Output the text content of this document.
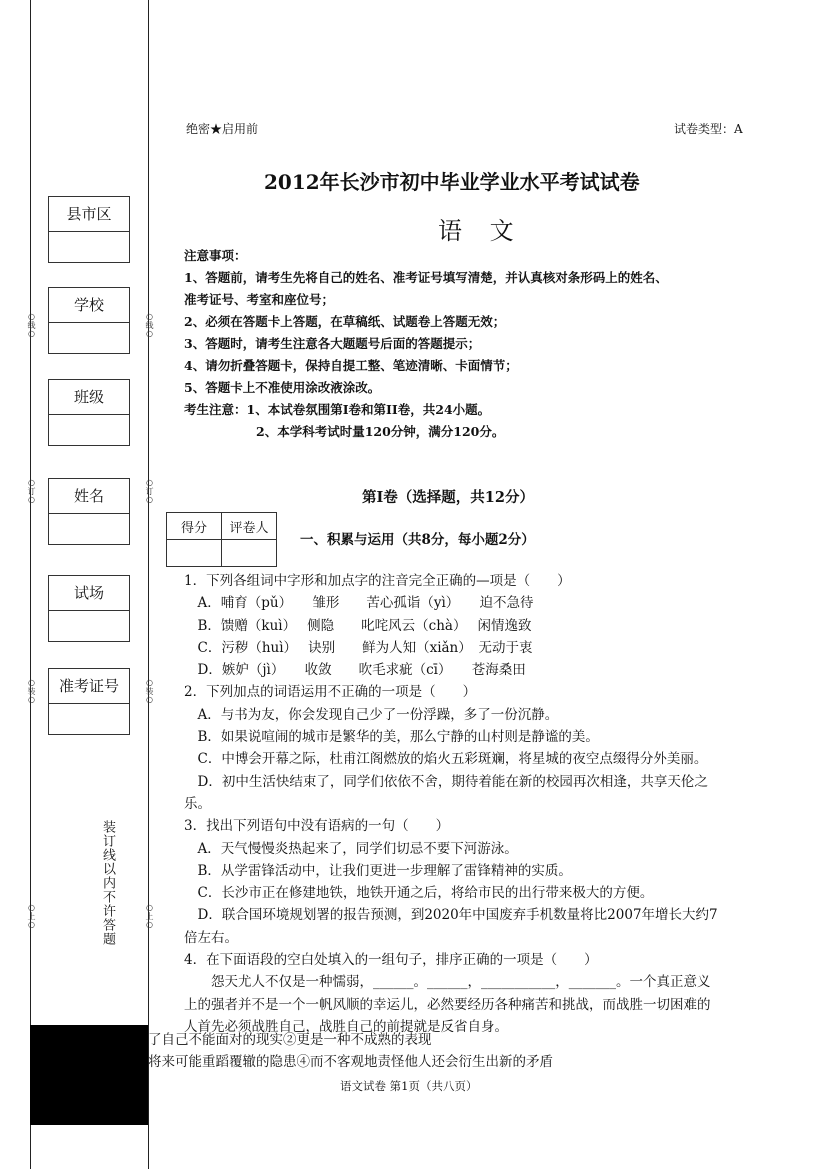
县市区
学校
班级
姓名
试场
准考证号
○线○	○线○
○订○	○订○
○装○	○装○
○上○	○上○
装订线以内不许答题
绝密★启用前	试卷类型：A
2012年长沙市初中毕业学业水平考试试卷
语 文
注意事项：
1、答题前，请考生先将自己的姓名、准考证号填写清楚，并认真核对条形码上的姓名、
准考证号、考室和座位号；
2、必须在答题卡上答题，在草稿纸、试题卷上答题无效；
3、答题时，请考生注意各大题题号后面的答题提示；
4、请勿折叠答题卡，保持自提工整、笔迹清晰、卡面情节；
5、答题卡上不准使用涂改液涂改。
考生注意：1、本试卷氛围第I卷和第II卷，共24小题。
2、本学科考试时量120分钟，满分120分。
第Ⅰ卷（选择题，共12分）
得分	评卷人

一、积累与运用（共8分，每小题2分）
1．下列各组词中字形和加点字的注音完全正确的—项是（　　）
　A．哺育（pǔ）　　雏形　　苦心孤诣（yì）　　迫不急待
　B．馈赠（kuì）　 侧隐　　叱咤风云（chà）　 闲情逸致
　C．污秽（huì）　 诀别　　鲜为人知（xiǎn）　无动于衷
　D．嫉妒（jì）　　收敛　　吹毛求疵（cī）　　苍海桑田
2．下列加点的词语运用不正确的一项是（　　）
　A．与书为友，你会发现自己少了一份浮躁，多了一份沉静。
　B．如果说喧闹的城市是繁华的美，那么宁静的山村则是静谧的美。
　C．中博会开幕之际，杜甫江阁燃放的焰火五彩斑斓，将星城的夜空点缀得分外美丽。
　D．初中生活快结束了，同学们依依不舍，期待着能在新的校园再次相逢，共享天伦之
乐。
3．找出下列语句中没有语病的一句（　　）
　A．天气慢慢炎热起来了，同学们切忌不要下河游泳。
　B．从学雷锋活动中，让我们更进一步理解了雷锋精神的实质。
　C．长沙市正在修建地铁，地铁开通之后，将给市民的出行带来极大的方便。
　D．联合国环境规划署的报告预测，到2020年中国废弃手机数量将比2007年增长大约7
倍左右。
4．在下面语段的空白处填入的一组句子，排序正确的一项是（　　）
　　怨天尤人不仅是一种懦弱，______。______，___________，_______。一个真正意义
上的强者并不是一个一帆风顺的幸运儿，必然要经历各种痛苦和挑战，而战胜一切困难的
人首先必须战胜自己，战胜自己的前提就是反省自身。
了自己不能面对的现实②更是一种不成熟的表现
将来可能重蹈覆辙的隐患④而不客观地责怪他人还会衍生出新的矛盾
语文试卷 第1页（共八页）
